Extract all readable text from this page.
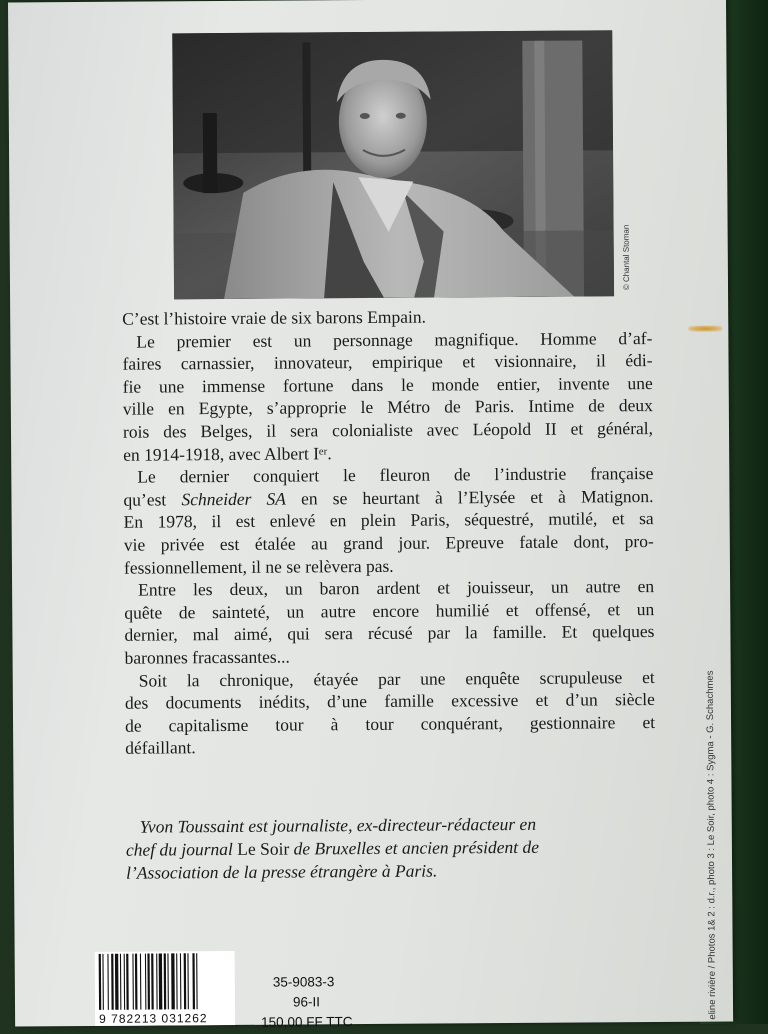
© Chantal Stoman
C’est l’histoire vraie de six barons Empain.
Le premier est un personnage magnifique. Homme d’af-
faires carnassier, innovateur, empirique et visionnaire, il édi-
fie une immense fortune dans le monde entier, invente une
ville en Egypte, s’approprie le Métro de Paris. Intime de deux
rois des Belges, il sera colonialiste avec Léopold II et général,
en 1914-1918, avec Albert Iᵉʳ.
Le dernier conquiert le fleuron de l’industrie française
qu’est Schneider SA en se heurtant à l’Elysée et à Matignon.
En 1978, il est enlevé en plein Paris, séquestré, mutilé, et sa
vie privée est étalée au grand jour. Epreuve fatale dont, pro-
fessionnellement, il ne se relèvera pas.
Entre les deux, un baron ardent et jouisseur, un autre en
quête de sainteté, un autre encore humilié et offensé, et un
dernier, mal aimé, qui sera récusé par la famille. Et quelques
baronnes fracassantes...
Soit la chronique, étayée par une enquête scrupuleuse et
des documents inédits, d’une famille excessive et d’un siècle
de capitalisme tour à tour conquérant, gestionnaire et
défaillant.
Yvon Toussaint est journaliste, ex-directeur-rédacteur en
chef du journal Le Soir de Bruxelles et ancien président de
l’Association de la presse étrangère à Paris.
9 782213 031262
35-9083-3
96-II
150,00 FF TTC
eline rivière / Photos 1& 2 : d.r., photo 3 : Le Soir, photo 4 : Sygma - G. Schachmes
